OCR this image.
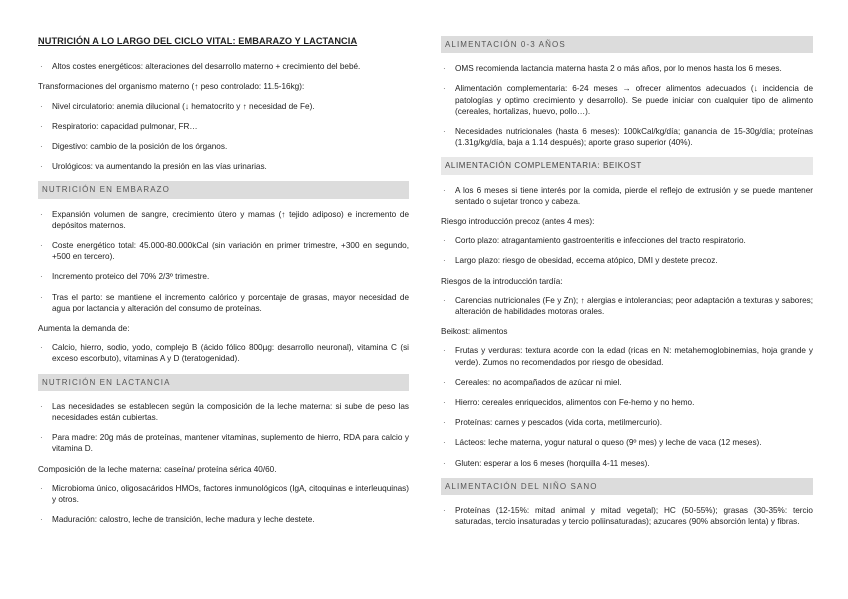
NUTRICIÓN A LO LARGO DEL CICLO VITAL: EMBARAZO Y LACTANCIA
· Altos costes energéticos: alteraciones del desarrollo materno + crecimiento del bebé.
Transformaciones del organismo materno (↑ peso controlado: 11.5-16kg):
· Nivel circulatorio: anemia dilucional (↓ hematocrito y ↑ necesidad de Fe).
· Respiratorio: capacidad pulmonar, FR…
· Digestivo: cambio de la posición de los órganos.
· Urológicos: va aumentando la presión en las vías urinarias.
NUTRICIÓN EN EMBARAZO
· Expansión volumen de sangre, crecimiento útero y mamas (↑ tejido adiposo) e incremento de depósitos maternos.
· Coste energético total: 45.000-80.000kCal (sin variación en primer trimestre, +300 en segundo, +500 en tercero).
· Incremento proteico del 70% 2/3º trimestre.
· Tras el parto: se mantiene el incremento calórico y porcentaje de grasas, mayor necesidad de agua por lactancia y alteración del consumo de proteínas.
Aumenta la demanda de:
· Calcio, hierro, sodio, yodo, complejo B (ácido fólico 800µg: desarrollo neuronal), vitamina C (si exceso escorbuto), vitaminas A y D (teratogenidad).
NUTRICIÓN EN LACTANCIA
· Las necesidades se establecen según la composición de la leche materna: si sube de peso las necesidades están cubiertas.
· Para madre: 20g más de proteínas, mantener vitaminas, suplemento de hierro, RDA para calcio y vitamina D.
Composición de la leche materna: caseína/ proteína sérica 40/60.
· Microbioma único, oligosacáridos HMOs, factores inmunológicos (IgA, citoquinas e interleuquinas) y otros.
· Maduración: calostro, leche de transición, leche madura y leche destete.
ALIMENTACIÓN 0-3 AÑOS
· OMS recomienda lactancia materna hasta 2 o más años, por lo menos hasta los 6 meses.
· Alimentación complementaria: 6-24 meses → ofrecer alimentos adecuados (↓ incidencia de patologías y optimo crecimiento y desarrollo). Se puede iniciar con cualquier tipo de alimento (cereales, hortalizas, huevo, pollo…).
· Necesidades nutricionales (hasta 6 meses): 100kCal/kg/día; ganancia de 15-30g/día; proteínas (1.31g/kg/día, baja a 1.14 después); aporte graso superior (40%).
ALIMENTACIÓN COMPLEMENTARIA: BEIKOST
· A los 6 meses si tiene interés por la comida, pierde el reflejo de extrusión y se puede mantener sentado o sujetar tronco y cabeza.
Riesgo introducción precoz (antes 4 mes):
· Corto plazo: atragantamiento gastroenteritis e infecciones del tracto respiratorio.
· Largo plazo: riesgo de obesidad, eccema atópico, DMI y destete precoz.
Riesgos de la introducción tardía:
· Carencias nutricionales (Fe y Zn); ↑ alergias e intolerancias; peor adaptación a texturas y sabores; alteración de habilidades motoras orales.
Beikost: alimentos
· Frutas y verduras: textura acorde con la edad (ricas en N: metahemoglobinemias, hoja grande y verde). Zumos no recomendados por riesgo de obesidad.
· Cereales: no acompañados de azúcar ni miel.
· Hierro: cereales enriquecidos, alimentos con Fe-hemo y no hemo.
· Proteínas: carnes y pescados (vida corta, metilmercurio).
· Lácteos: leche materna, yogur natural o queso (9º mes) y leche de vaca (12 meses).
· Gluten: esperar a los 6 meses (horquilla 4-11 meses).
ALIMENTACIÓN DEL NIÑO SANO
· Proteínas (12-15%: mitad animal y mitad vegetal); HC (50-55%); grasas (30-35%: tercio saturadas, tercio insaturadas y tercio poliinsaturadas); azucares (90% absorción lenta) y fibras.
